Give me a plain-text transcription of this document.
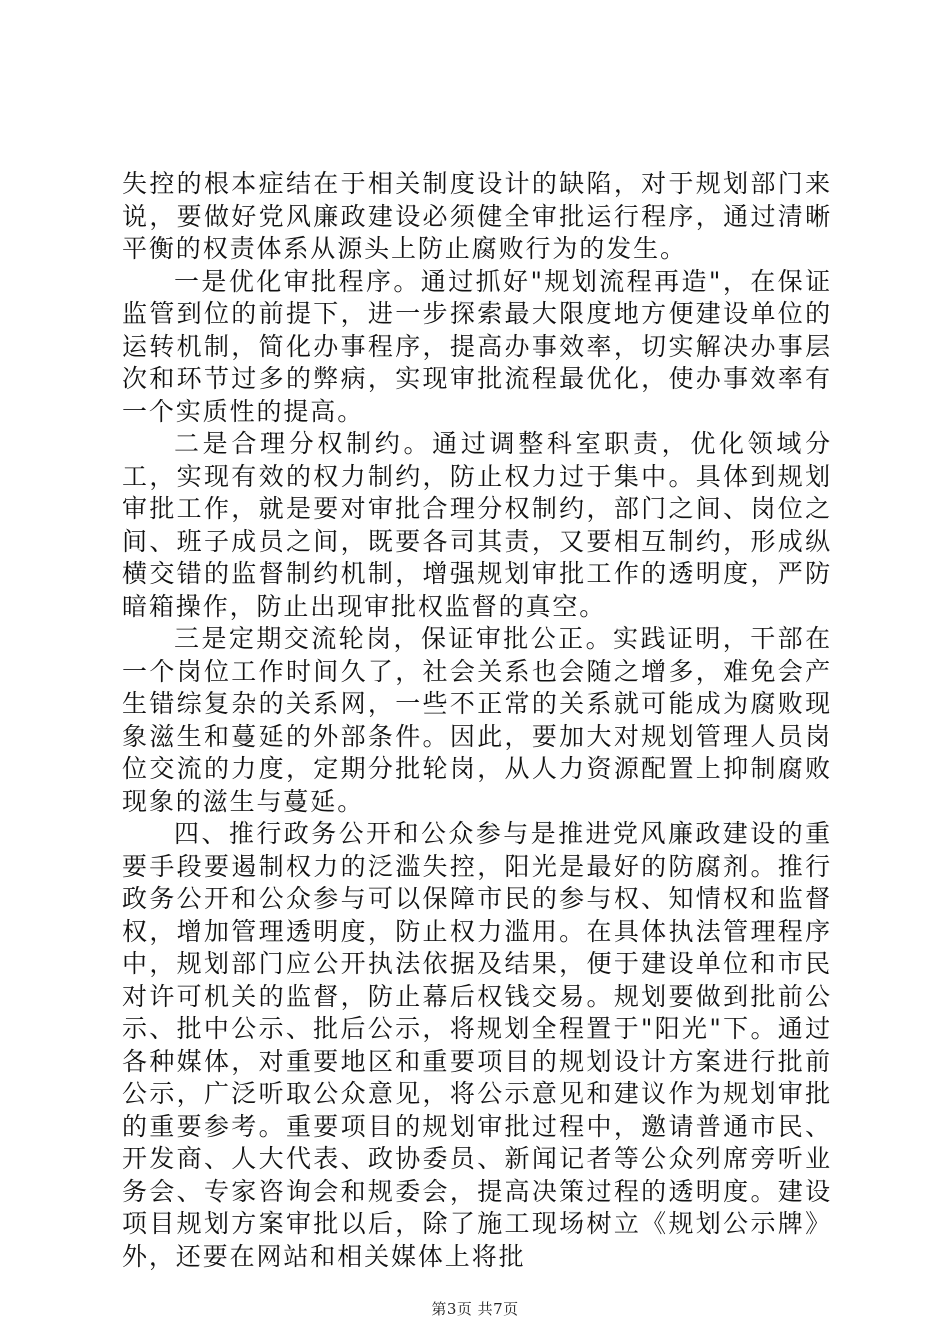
失控的根本症结在于相关制度设计的缺陷，对于规划部门来说，要做好党风廉政建设必须健全审批运行程序，通过清晰平衡的权责体系从源头上防止腐败行为的发生。

一是优化审批程序。通过抓好"规划流程再造"，在保证监管到位的前提下，进一步探索最大限度地方便建设单位的运转机制，简化办事程序，提高办事效率，切实解决办事层次和环节过多的弊病，实现审批流程最优化，使办事效率有一个实质性的提高。

二是合理分权制约。通过调整科室职责，优化领域分工，实现有效的权力制约，防止权力过于集中。具体到规划审批工作，就是要对审批合理分权制约，部门之间、岗位之间、班子成员之间，既要各司其责，又要相互制约，形成纵横交错的监督制约机制，增强规划审批工作的透明度，严防暗箱操作，防止出现审批权监督的真空。

三是定期交流轮岗，保证审批公正。实践证明，干部在一个岗位工作时间久了，社会关系也会随之增多，难免会产生错综复杂的关系网，一些不正常的关系就可能成为腐败现象滋生和蔓延的外部条件。因此，要加大对规划管理人员岗位交流的力度，定期分批轮岗，从人力资源配置上抑制腐败现象的滋生与蔓延。

四、推行政务公开和公众参与是推进党风廉政建设的重要手段要遏制权力的泛滥失控，阳光是最好的防腐剂。推行政务公开和公众参与可以保障市民的参与权、知情权和监督权，增加管理透明度，防止权力滥用。在具体执法管理程序中，规划部门应公开执法依据及结果，便于建设单位和市民对许可机关的监督，防止幕后权钱交易。规划要做到批前公示、批中公示、批后公示，将规划全程置于"阳光"下。通过各种媒体，对重要地区和重要项目的规划设计方案进行批前公示，广泛听取公众意见，将公示意见和建议作为规划审批的重要参考。重要项目的规划审批过程中，邀请普通市民、开发商、人大代表、政协委员、新闻记者等公众列席旁听业务会、专家咨询会和规委会，提高决策过程的透明度。建设项目规划方案审批以后，除了施工现场树立《规划公示牌》外，还要在网站和相关媒体上将批

第3页 共7页
